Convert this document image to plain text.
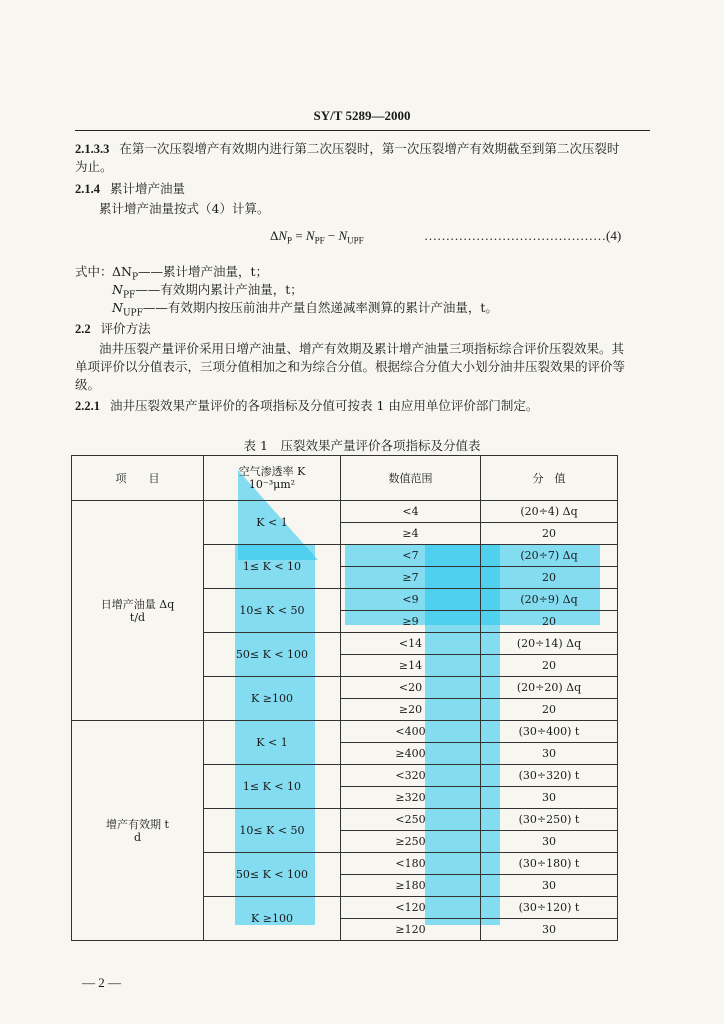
SY/T 5289—2000
2.1.3.3 在第一次压裂增产有效期内进行第二次压裂时，第一次压裂增产有效期截至到第二次压裂时为止。
2.1.4 累计增产油量
累计增产油量按式（4）计算。
$\Delta N_P = N_{PF} - N_{UPF}$	……………………………………(4)
式中： $\Delta N_P——$累计增产油量，t；
$N_{PF}——$有效期内累计产油量，t；
$N_{UPF}——$有效期内按压前油井产量自然递减率测算的累计产油量，t。
2.2 评价方法
油井压裂产量评价采用日增产油量、增产有效期及累计增产油量三项指标综合评价压裂效果。其单项评价以分值表示，三项分值相加之和为综合分值。根据综合分值大小划分油井压裂效果的评价等级。
2.2.1 油井压裂效果产量评价的各项指标及分值可按表 1 由应用单位评价部门制定。
表 1　压裂效果产量评价各项指标及分值表
项　　目	空气渗透率 K
10⁻³μm²	数值范围	分　值
日增产油量 Δq
t/d	K < 1	<4	(20÷4) Δq
		≥4	20
	1≤ K < 10	<7	(20÷7) Δq
		≥7	20
	10≤ K < 50	<9	(20÷9) Δq
		≥9	20
	50≤ K < 100	<14	(20÷14) Δq
		≥14	20
	K ≥100	<20	(20÷20) Δq
		≥20	20
增产有效期 t
d	K < 1	<400	(30÷400) t
		≥400	30
	1≤ K < 10	<320	(30÷320) t
		≥320	30
	10≤ K < 50	<250	(30÷250) t
		≥250	30
	50≤ K < 100	<180	(30÷180) t
		≥180	30
	K ≥100	<120	(30÷120) t
		≥120	30
— 2 —
